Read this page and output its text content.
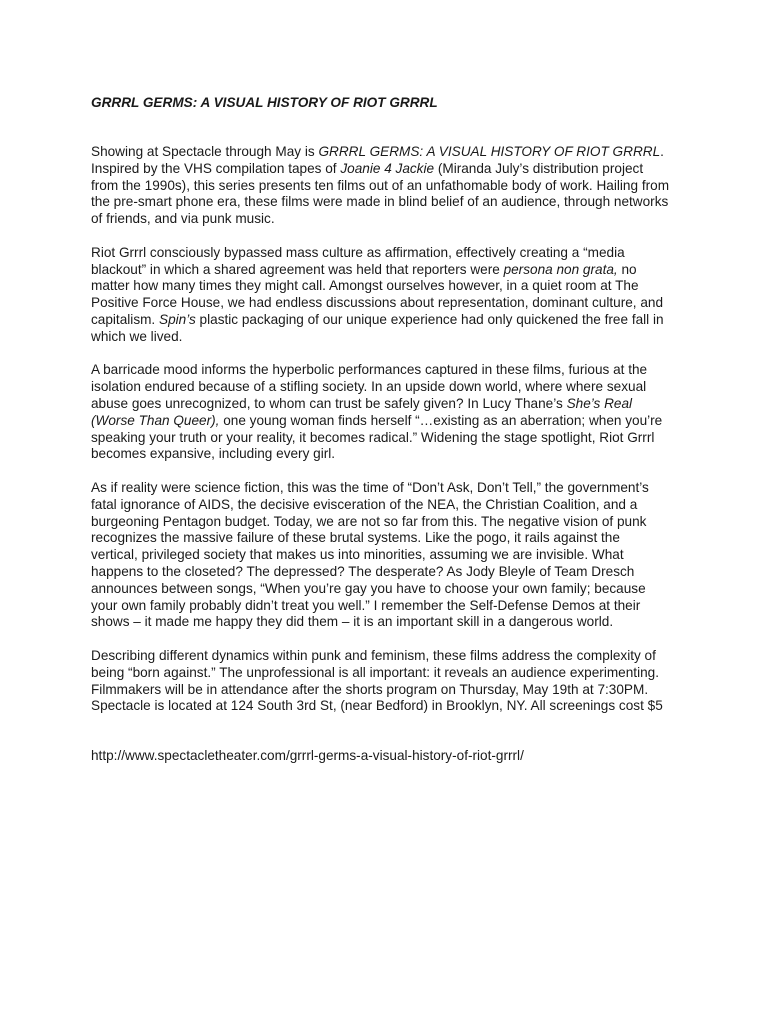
GRRRL GERMS: A VISUAL HISTORY OF RIOT GRRRL

Showing at Spectacle through May is GRRRL GERMS: A VISUAL HISTORY OF RIOT GRRRL.
Inspired by the VHS compilation tapes of Joanie 4 Jackie (Miranda July’s distribution project
from the 1990s), this series presents ten films out of an unfathomable body of work. Hailing from
the pre-smart phone era, these films were made in blind belief of an audience, through networks
of friends, and via punk music.

Riot Grrrl consciously bypassed mass culture as affirmation, effectively creating a “media
blackout” in which a shared agreement was held that reporters were persona non grata, no
matter how many times they might call. Amongst ourselves however, in a quiet room at The
Positive Force House, we had endless discussions about representation, dominant culture, and
capitalism. Spin’s plastic packaging of our unique experience had only quickened the free fall in
which we lived.

A barricade mood informs the hyperbolic performances captured in these films, furious at the
isolation endured because of a stifling society. In an upside down world, where where sexual
abuse goes unrecognized, to whom can trust be safely given? In Lucy Thane’s She’s Real
(Worse Than Queer), one young woman finds herself “…existing as an aberration; when you’re
speaking your truth or your reality, it becomes radical.” Widening the stage spotlight, Riot Grrrl
becomes expansive, including every girl.

As if reality were science fiction, this was the time of “Don’t Ask, Don’t Tell,” the government’s
fatal ignorance of AIDS, the decisive evisceration of the NEA, the Christian Coalition, and a
burgeoning Pentagon budget. Today, we are not so far from this. The negative vision of punk
recognizes the massive failure of these brutal systems. Like the pogo, it rails against the
vertical, privileged society that makes us into minorities, assuming we are invisible. What
happens to the closeted? The depressed? The desperate? As Jody Bleyle of Team Dresch
announces between songs, “When you’re gay you have to choose your own family; because
your own family probably didn’t treat you well.” I remember the Self-Defense Demos at their
shows – it made me happy they did them – it is an important skill in a dangerous world.

Describing different dynamics within punk and feminism, these films address the complexity of
being “born against.” The unprofessional is all important: it reveals an audience experimenting.
Filmmakers will be in attendance after the shorts program on Thursday, May 19th at 7:30PM.
Spectacle is located at 124 South 3rd St, (near Bedford) in Brooklyn, NY. All screenings cost $5

http://www.spectacletheater.com/grrrl-germs-a-visual-history-of-riot-grrrl/
